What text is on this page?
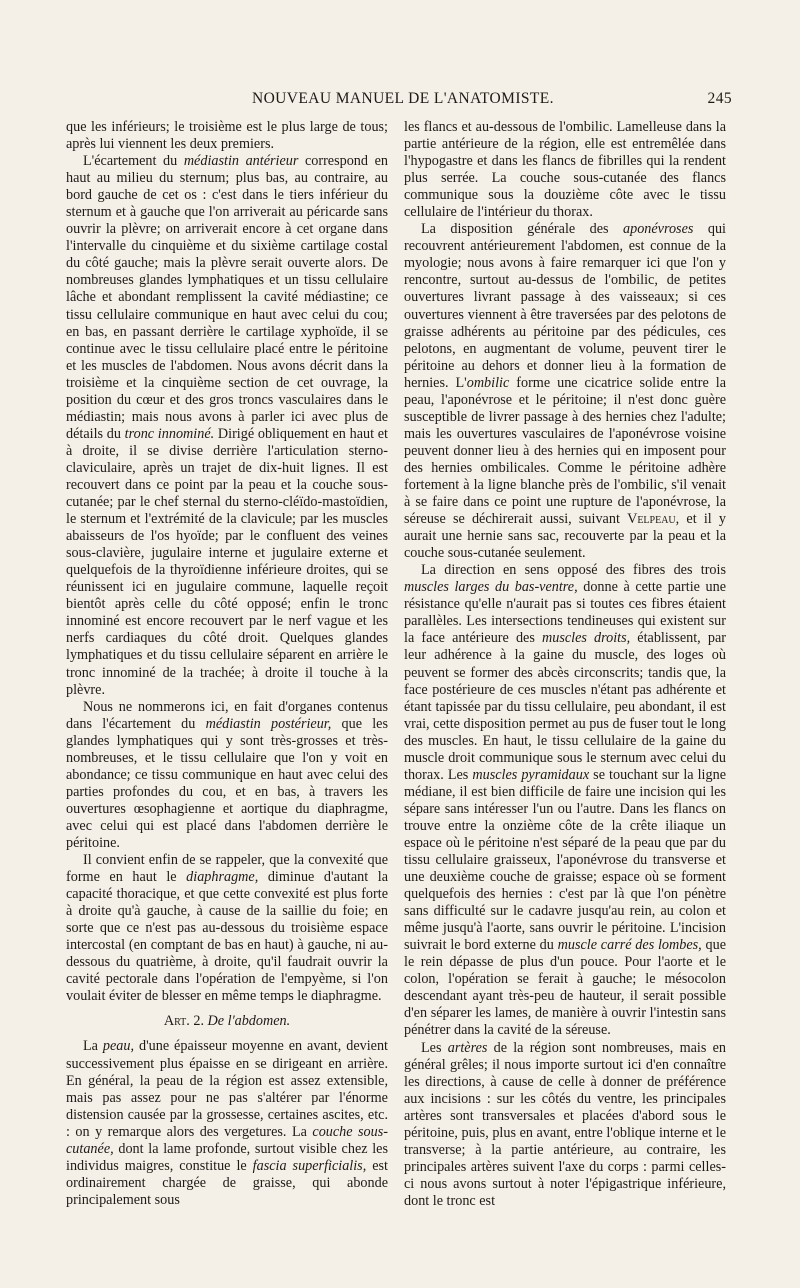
NOUVEAU MANUEL DE L'ANATOMISTE.	245

que les inférieurs; le troisième est le plus large de tous; après lui viennent les deux premiers.

L'écartement du médiastin antérieur correspond en haut au milieu du sternum; plus bas, au contraire, au bord gauche de cet os : c'est dans le tiers inférieur du sternum et à gauche que l'on arriverait au péricarde sans ouvrir la plèvre; on arriverait encore à cet organe dans l'intervalle du cinquième et du sixième cartilage costal du côté gauche; mais la plèvre serait ouverte alors. De nombreuses glandes lymphatiques et un tissu cellulaire lâche et abondant remplissent la cavité médiastine; ce tissu cellulaire communique en haut avec celui du cou; en bas, en passant derrière le cartilage xyphoïde, il se continue avec le tissu cellulaire placé entre le péritoine et les muscles de l'abdomen. Nous avons décrit dans la troisième et la cinquième section de cet ouvrage, la position du cœur et des gros troncs vasculaires dans le médiastin; mais nous avons à parler ici avec plus de détails du tronc innominé. Dirigé obliquement en haut et à droite, il se divise derrière l'articulation sterno-claviculaire, après un trajet de dix-huit lignes. Il est recouvert dans ce point par la peau et la couche sous-cutanée; par le chef sternal du sterno-cléïdo-mastoïdien, le sternum et l'extrémité de la clavicule; par les muscles abaisseurs de l'os hyoïde; par le confluent des veines sous-clavière, jugulaire interne et jugulaire externe et quelquefois de la thyroïdienne inférieure droites, qui se réunissent ici en jugulaire commune, laquelle reçoit bientôt après celle du côté opposé; enfin le tronc innominé est encore recouvert par le nerf vague et les nerfs cardiaques du côté droit. Quelques glandes lymphatiques et du tissu cellulaire séparent en arrière le tronc innominé de la trachée; à droite il touche à la plèvre.

Nous ne nommerons ici, en fait d'organes contenus dans l'écartement du médiastin postérieur, que les glandes lymphatiques qui y sont très-grosses et très-nombreuses, et le tissu cellulaire que l'on y voit en abondance; ce tissu communique en haut avec celui des parties profondes du cou, et en bas, à travers les ouvertures œsophagienne et aortique du diaphragme, avec celui qui est placé dans l'abdomen derrière le péritoine.

Il convient enfin de se rappeler, que la convexité que forme en haut le diaphragme, diminue d'autant la capacité thoracique, et que cette convexité est plus forte à droite qu'à gauche, à cause de la saillie du foie; en sorte que ce n'est pas au-dessous du troisième espace intercostal (en comptant de bas en haut) à gauche, ni au-dessous du quatrième, à droite, qu'il faudrait ouvrir la cavité pectorale dans l'opération de l'empyème, si l'on voulait éviter de blesser en même temps le diaphragme.

Art. 2. De l'abdomen.

La peau, d'une épaisseur moyenne en avant, devient successivement plus épaisse en se dirigeant en arrière. En général, la peau de la région est assez extensible, mais pas assez pour ne pas s'altérer par l'énorme distension causée par la grossesse, certaines ascites, etc. : on y remarque alors des vergetures. La couche sous-cutanée, dont la lame profonde, surtout visible chez les individus maigres, constitue le fascia superficialis, est ordinairement chargée de graisse, qui abonde principalement sous

les flancs et au-dessous de l'ombilic. Lamelleuse dans la partie antérieure de la région, elle est entremêlée dans l'hypogastre et dans les flancs de fibrilles qui la rendent plus serrée. La couche sous-cutanée des flancs communique sous la douzième côte avec le tissu cellulaire de l'intérieur du thorax.

La disposition générale des aponévroses qui recouvrent antérieurement l'abdomen, est connue de la myologie; nous avons à faire remarquer ici que l'on y rencontre, surtout au-dessus de l'ombilic, de petites ouvertures livrant passage à des vaisseaux; si ces ouvertures viennent à être traversées par des pelotons de graisse adhérents au péritoine par des pédicules, ces pelotons, en augmentant de volume, peuvent tirer le péritoine au dehors et donner lieu à la formation de hernies. L'ombilic forme une cicatrice solide entre la peau, l'aponévrose et le péritoine; il n'est donc guère susceptible de livrer passage à des hernies chez l'adulte; mais les ouvertures vasculaires de l'aponévrose voisine peuvent donner lieu à des hernies qui en imposent pour des hernies ombilicales. Comme le péritoine adhère fortement à la ligne blanche près de l'ombilic, s'il venait à se faire dans ce point une rupture de l'aponévrose, la séreuse se déchirerait aussi, suivant Velpeau, et il y aurait une hernie sans sac, recouverte par la peau et la couche sous-cutanée seulement.

La direction en sens opposé des fibres des trois muscles larges du bas-ventre, donne à cette partie une résistance qu'elle n'aurait pas si toutes ces fibres étaient parallèles. Les intersections tendineuses qui existent sur la face antérieure des muscles droits, établissent, par leur adhérence à la gaine du muscle, des loges où peuvent se former des abcès circonscrits; tandis que, la face postérieure de ces muscles n'étant pas adhérente et étant tapissée par du tissu cellulaire, peu abondant, il est vrai, cette disposition permet au pus de fuser tout le long des muscles. En haut, le tissu cellulaire de la gaine du muscle droit communique sous le sternum avec celui du thorax. Les muscles pyramidaux se touchant sur la ligne médiane, il est bien difficile de faire une incision qui les sépare sans intéresser l'un ou l'autre. Dans les flancs on trouve entre la onzième côte de la crête iliaque un espace où le péritoine n'est séparé de la peau que par du tissu cellulaire graisseux, l'aponévrose du transverse et une deuxième couche de graisse; espace où se forment quelquefois des hernies : c'est par là que l'on pénètre sans difficulté sur le cadavre jusqu'au rein, au colon et même jusqu'à l'aorte, sans ouvrir le péritoine. L'incision suivrait le bord externe du muscle carré des lombes, que le rein dépasse de plus d'un pouce. Pour l'aorte et le colon, l'opération se ferait à gauche; le mésocolon descendant ayant très-peu de hauteur, il serait possible d'en séparer les lames, de manière à ouvrir l'intestin sans pénétrer dans la cavité de la séreuse.

Les artères de la région sont nombreuses, mais en général grêles; il nous importe surtout ici d'en connaître les directions, à cause de celle à donner de préférence aux incisions : sur les côtés du ventre, les principales artères sont transversales et placées d'abord sous le péritoine, puis, plus en avant, entre l'oblique interne et le transverse; à la partie antérieure, au contraire, les principales artères suivent l'axe du corps : parmi celles-ci nous avons surtout à noter l'épigastrique inférieure, dont le tronc est
